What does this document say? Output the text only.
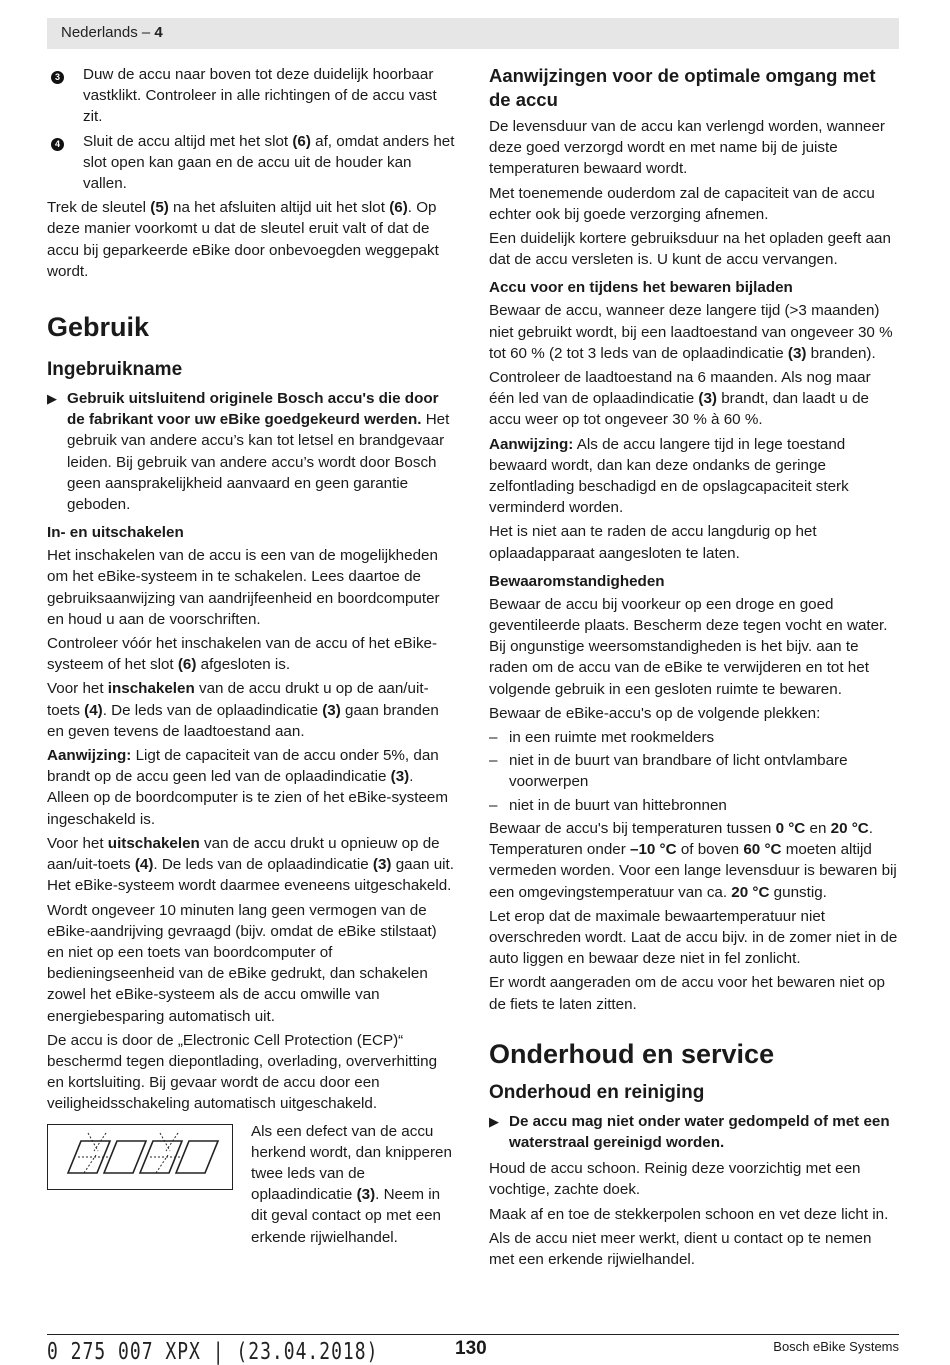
Nederlands – 4
3	Duw de accu naar boven tot deze duidelijk hoorbaar vastklikt. Controleer in alle richtingen of de accu vast zit.
4	Sluit de accu altijd met het slot (6) af, omdat anders het slot open kan gaan en de accu uit de houder kan vallen.

Trek de sleutel (5) na het afsluiten altijd uit het slot (6). Op deze manier voorkomt u dat de sleutel eruit valt of dat de accu bij geparkeerde eBike door onbevoegden weggepakt wordt.

Gebruik
Ingebruikname
▶ Gebruik uitsluitend originele Bosch accu's die door de fabrikant voor uw eBike goedgekeurd werden. Het gebruik van andere accu’s kan tot letsel en brandgevaar leiden. Bij gebruik van andere accu’s wordt door Bosch geen aansprakelijkheid aanvaard en geen garantie geboden.
In- en uitschakelen

Het inschakelen van de accu is een van de mogelijkheden om het eBike-systeem in te schakelen. Lees daartoe de gebruiksaanwijzing van aandrijfeenheid en boordcomputer en houd u aan de voorschriften.

Controleer vóór het inschakelen van de accu of het eBike-systeem of het slot (6) afgesloten is.

Voor het inschakelen van de accu drukt u op de aan/uit-toets (4). De leds van de oplaadindicatie (3) gaan branden en geven tevens de laadtoestand aan.

Aanwijzing: Ligt de capaciteit van de accu onder 5%, dan brandt op de accu geen led van de oplaadindicatie (3). Alleen op de boordcomputer is te zien of het eBike-systeem ingeschakeld is.

Voor het uitschakelen van de accu drukt u opnieuw op de aan/uit-toets (4). De leds van de oplaadindicatie (3) gaan uit. Het eBike-systeem wordt daarmee eveneens uitgeschakeld.

Wordt ongeveer 10 minuten lang geen vermogen van de eBike-aandrijving gevraagd (bijv. omdat de eBike stilstaat) en niet op een toets van boordcomputer of bedieningseenheid van de eBike gedrukt, dan schakelen zowel het eBike-systeem als de accu omwille van energiebesparing automatisch uit.

De accu is door de „Electronic Cell Protection (ECP)“ beschermd tegen diepontlading, overlading, oververhitting en kortsluiting. Bij gevaar wordt de accu door een veiligheidsschakeling automatisch uitgeschakeld.

Als een defect van de accu herkend wordt, dan knipperen twee leds van de oplaadindicatie (3). Neem in dit geval contact op met een erkende rijwielhandel.
Aanwijzingen voor de optimale omgang met de accu

De levensduur van de accu kan verlengd worden, wanneer deze goed verzorgd wordt en met name bij de juiste temperaturen bewaard wordt.

Met toenemende ouderdom zal de capaciteit van de accu echter ook bij goede verzorging afnemen.

Een duidelijk kortere gebruiksduur na het opladen geeft aan dat de accu versleten is. U kunt de accu vervangen.

Accu voor en tijdens het bewaren bijladen

Bewaar de accu, wanneer deze langere tijd (>3 maanden) niet gebruikt wordt, bij een laadtoestand van ongeveer 30 % tot 60 % (2 tot 3 leds van de oplaadindicatie (3) branden).

Controleer de laadtoestand na 6 maanden. Als nog maar één led van de oplaadindicatie (3) brandt, dan laadt u de accu weer op tot ongeveer 30 % à 60 %.

Aanwijzing: Als de accu langere tijd in lege toestand bewaard wordt, dan kan deze ondanks de geringe zelfontlading beschadigd en de opslagcapaciteit sterk verminderd worden.

Het is niet aan te raden de accu langdurig op het oplaadapparaat aangesloten te laten.

Bewaaromstandigheden

Bewaar de accu bij voorkeur op een droge en goed geventileerde plaats. Bescherm deze tegen vocht en water. Bij ongunstige weersomstandigheden is het bijv. aan te raden om de accu van de eBike te verwijderen en tot het volgende gebruik in een gesloten ruimte te bewaren.

Bewaar de eBike-accu's op de volgende plekken:

– in een ruimte met rookmelders
– niet in de buurt van brandbare of licht ontvlambare voorwerpen
– niet in de buurt van hittebronnen

Bewaar de accu's bij temperaturen tussen 0 °C en 20 °C. Temperaturen onder –10 °C of boven 60 °C moeten altijd vermeden worden. Voor een lange levensduur is bewaren bij een omgevingstemperatuur van ca. 20 °C gunstig.

Let erop dat de maximale bewaartemperatuur niet overschreden wordt. Laat de accu bijv. in de zomer niet in de auto liggen en bewaar deze niet in fel zonlicht.

Er wordt aangeraden om de accu voor het bewaren niet op de fiets te laten zitten.

Onderhoud en service
Onderhoud en reiniging
▶ De accu mag niet onder water gedompeld of met een waterstraal gereinigd worden.

Houd de accu schoon. Reinig deze voorzichtig met een vochtige, zachte doek.

Maak af en toe de stekkerpolen schoon en vet deze licht in.

Als de accu niet meer werkt, dient u contact op te nemen met een erkende rijwielhandel.

0 275 007 XPX | (23.04.2018)	130	Bosch eBike Systems
